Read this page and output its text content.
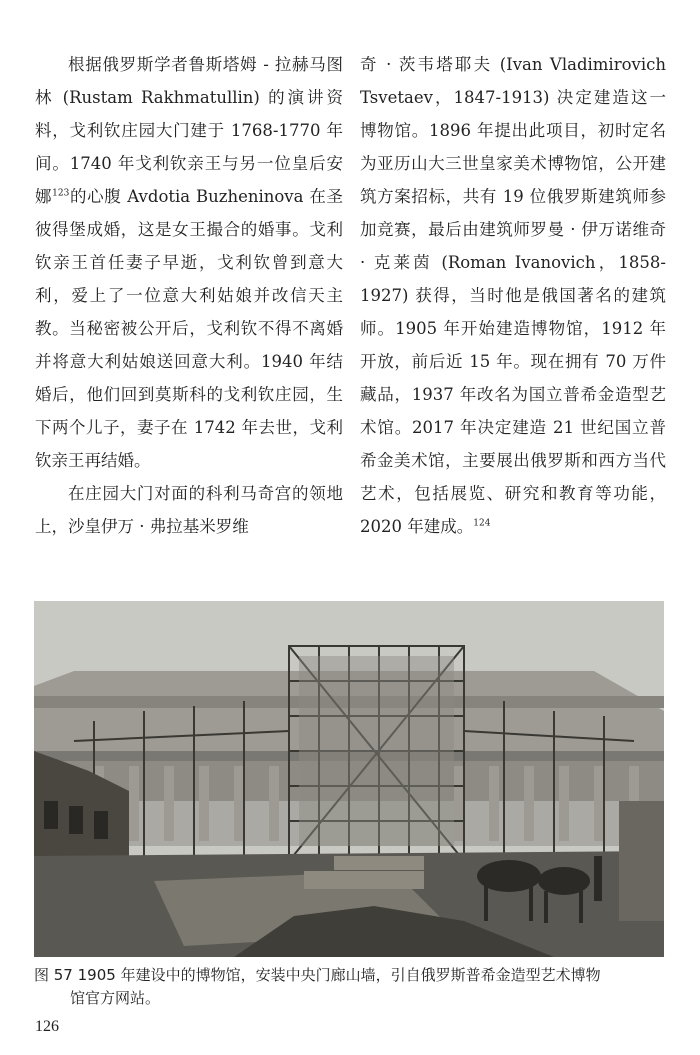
根据俄罗斯学者鲁斯塔姆 - 拉赫马图林 (Rustam Rakhmatullin) 的演讲资料，戈利钦庄园大门建于 1768-1770 年间。1740 年戈利钦亲王与另一位皇后安娜$^{123}$的心腹 Avdotia Buzheninova 在圣彼得堡成婚，这是女王撮合的婚事。戈利钦亲王首任妻子早逝，戈利钦曾到意大利，爱上了一位意大利姑娘并改信天主教。当秘密被公开后，戈利钦不得不离婚并将意大利姑娘送回意大利。1940 年结婚后，他们回到莫斯科的戈利钦庄园，生下两个儿子，妻子在 1742 年去世，戈利钦亲王再结婚。

在庄园大门对面的科利马奇宫的领地上，沙皇伊万 · 弗拉基米罗维

奇 · 茨韦塔耶夫 (Ivan Vladimirovich Tsvetaev，1847-1913) 决定建造这一博物馆。1896 年提出此项目，初时定名为亚历山大三世皇家美术博物馆，公开建筑方案招标，共有 19 位俄罗斯建筑师参加竞赛，最后由建筑师罗曼 · 伊万诺维奇 · 克莱茵 (Roman Ivanovich，1858-1927) 获得，当时他是俄国著名的建筑师。1905 年开始建造博物馆，1912 年开放，前后近 15 年。现在拥有 70 万件藏品，1937 年改名为国立普希金造型艺术馆。2017 年决定建造 21 世纪国立普希金美术馆，主要展出俄罗斯和西方当代艺术，包括展览、研究和教育等功能，2020 年建成。$^{124}$

图 57 1905 年建设中的博物馆，安装中央门廊山墙，引自俄罗斯普希金造型艺术博物
馆官方网站。
126
